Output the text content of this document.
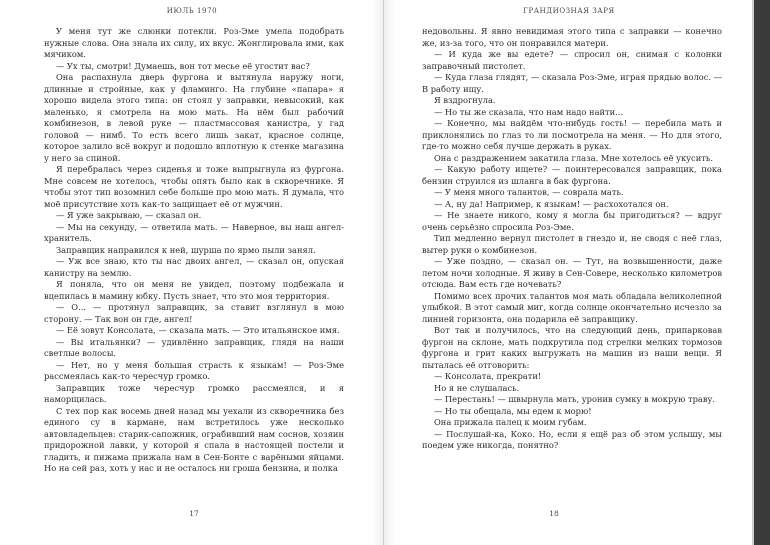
ИЮЛЬ 1970

У меня тут же слюнки потекли. Роз-Эме умела подобрать нужные слова. Она знала их силу, их вкус. Жонглировала ими, как мячиком.

— Ух ты, смотри! Думаешь, вон тот месье её угостит вас?

Она распахнула дверь фургона и вытянула наружу ноги, длинные и стройные, как у фламинго. На глубине «папара» я хорошо видела этого типа: он стоял у заправки, невысокий, как маленько, я смотрела на мою мать. На нём был рабочий комбинезон, в левой руке — пластмассовая канистра, у гад головой — нимб. То есть всего лишь закат, красное солнце, которое залило всё вокруг и подошло вплотную к стенке магазина у него за спиной.

Я перебралась через сиденья и тоже выпрыгнула из фургона. Мне совсем не хотелось, чтобы опять было как в скворечнике. Я чтобы этот тип возомнил себе больше про мою мать. Я думала, что моё присутствие хоть как-то защищает её от мужчин.

— Я уже закрываю, — сказал он.

— Мы на секунду, — ответила мать. — Наверное, вы наш ангел-хранитель.

Заправщик направился к ней, шурша по ярмо пыли занял.

— Уж все знаю, кто ты нас двоих ангел, — сказал он, опуская канистру на землю.

Я поняла, что он меня не увидел, поэтому подбежала и вцепилась в мамину юбку. Пусть знает, что это моя территория.

— О... — протянул заправщик, за ставит взглянул в мою сторону. — Так вон он где, ангел!

— Её зовут Консолата, — сказала мать. — Это итальянское имя.

— Вы итальянки? — удивлённо заправщик, глядя на наши светлые волосы.

— Нет, но у меня большая страсть к языкам! — Роз-Эме рассмеялась как-то чересчур громко.

Заправщик тоже чересчур громко рассмеялся, и я наморщилась.

С тех пор как восемь дней назад мы уехали из скворечника без единого су в кармане, нам встретилось уже несколько автовладельцев: старик-сапожник, ограбивший нам соснов, хозяин придорожной лавки, у которой я спала в настоящей постели и гладить, и пижама прижала нам в Сен-Бонте с варёными яйцами. Но на сей раз, хоть у нас и не осталось ни гроша бензина, и полка

17
ГРАНДИОЗНАЯ ЗАРЯ

недовольны. Я явно невидимая этого типа с заправки — конечно же, из-за того, что он понравился матери.

— И куда же вы едете? — спросил он, снимая с колонки заправочный пистолет.

— Куда глаза глядят, — сказала Роз-Эме, играя прядью волос. — В работу ищу.

Я вздрогнула.

— Но ты же сказала, что нам надо найти...

— Конечно, мы найдём что-нибудь гость! — перебила мать и приклонялись по глаз то ли посмотрела на меня. — Но для этого, где-то можно себя лучше держать в руках.

Она с раздражением закатила глаза. Мне хотелось её укусить.

— Какую работу ищете? — поинтересовался заправщик, пока бензин струился из шланга в бак фургона.

— У меня много талантов, — соврала мать.

— А, ну да! Например, к языкам! — расхохотался он.

— Не знаете никого, кому я могла бы пригодиться? — вдруг очень серьёзно спросила Роз-Эме.

Тип медленно вернул пистолет в гнездо и, не сводя с неё глаз, вытер руки о комбинезон.

— Уже поздно, — сказал он. — Тут, на возвышенности, даже летом ночи холодные. Я живу в Сен-Совере, несколько километров отсюда. Вам есть где ночевать?

Помимо всех прочих талантов моя мать обладала великолепной улыбкой. В этот самый миг, когда солнце окончательно исчезло за линией горизонта, она подарила её заправщику.

Вот так и получилось, что на следующий день, припарковав фургон на склоне, мать подкрутила под стрелки мелких тормозов фургона и грит каких выгружать на машин из наши вещи. Я пыталась её отговорить:

— Консолата, прекрати!

Но я не слушалась.

— Перестань! — швырнула мать, уронив сумку в мокрую траву.

— Но ты обещала, мы едем к морю!

Она прижала палец к моим губам.

— Послушай-ка, Коко. Но, если я ещё раз об этом услышу, мы поедем уже никогда, понятно?

18
